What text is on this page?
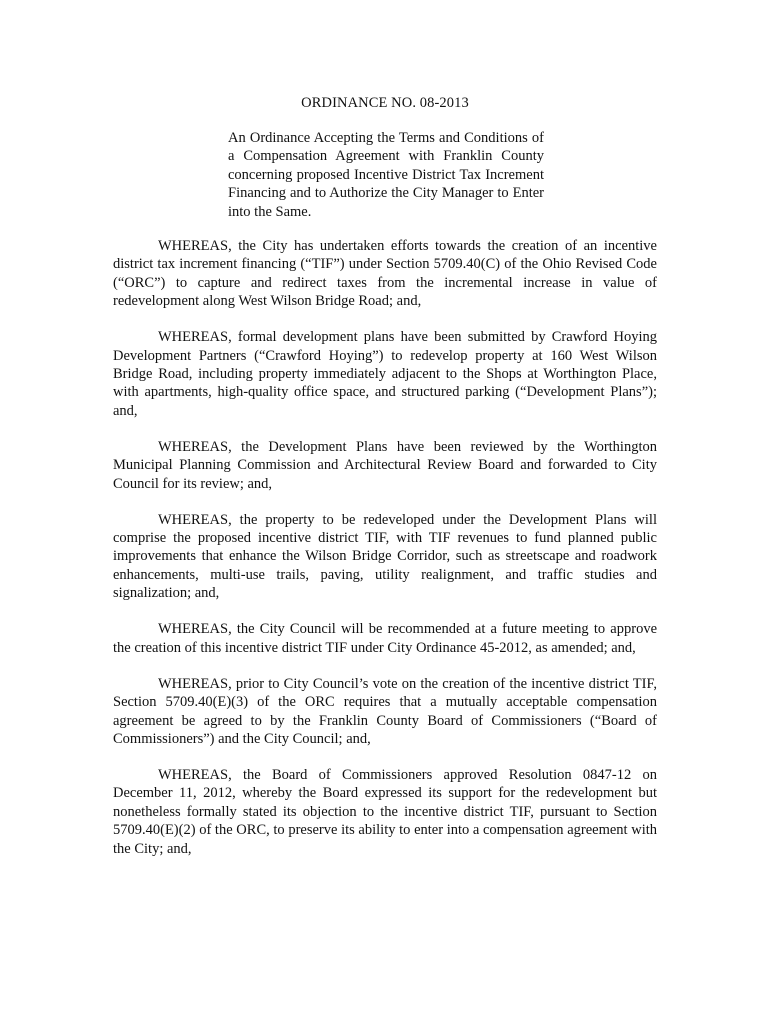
ORDINANCE NO. 08-2013
An Ordinance Accepting the Terms and Conditions of a Compensation Agreement with Franklin County concerning proposed Incentive District Tax Increment Financing and to Authorize the City Manager to Enter into the Same.

WHEREAS, the City has undertaken efforts towards the creation of an incentive district tax increment financing (“TIF”) under Section 5709.40(C) of the Ohio Revised Code (“ORC”) to capture and redirect taxes from the incremental increase in value of redevelopment along West Wilson Bridge Road; and,

WHEREAS, formal development plans have been submitted by Crawford Hoying Development Partners (“Crawford Hoying”) to redevelop property at 160 West Wilson Bridge Road, including property immediately adjacent to the Shops at Worthington Place, with apartments, high-quality office space, and structured parking (“Development Plans”); and,

WHEREAS, the Development Plans have been reviewed by the Worthington Municipal Planning Commission and Architectural Review Board and forwarded to City Council for its review; and,

WHEREAS, the property to be redeveloped under the Development Plans will comprise the proposed incentive district TIF, with TIF revenues to fund planned public improvements that enhance the Wilson Bridge Corridor, such as streetscape and roadwork enhancements, multi-use trails, paving, utility realignment, and traffic studies and signalization; and,

WHEREAS, the City Council will be recommended at a future meeting to approve the creation of this incentive district TIF under City Ordinance 45-2012, as amended; and,

WHEREAS, prior to City Council’s vote on the creation of the incentive district TIF, Section 5709.40(E)(3) of the ORC requires that a mutually acceptable compensation agreement be agreed to by the Franklin County Board of Commissioners (“Board of Commissioners”) and the City Council; and,

WHEREAS, the Board of Commissioners approved Resolution 0847-12 on December 11, 2012, whereby the Board expressed its support for the redevelopment but nonetheless formally stated its objection to the incentive district TIF, pursuant to Section 5709.40(E)(2) of the ORC, to preserve its ability to enter into a compensation agreement with the City; and,
